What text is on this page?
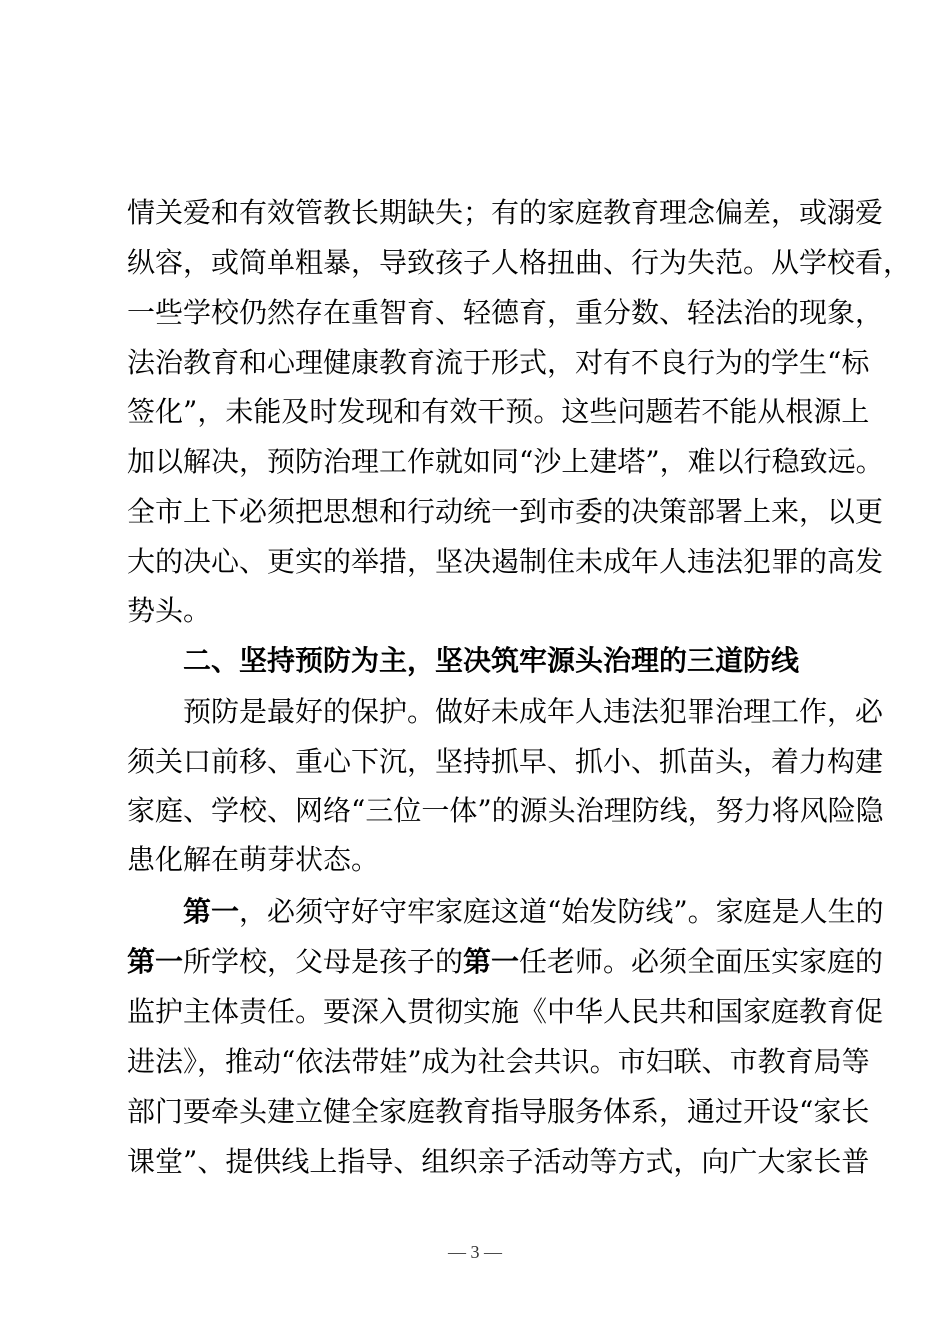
情关爱和有效管教长期缺失；有的家庭教育理念偏差，或溺爱
纵容，或简单粗暴，导致孩子人格扭曲、行为失范。从学校看，
一些学校仍然存在重智育、轻德育，重分数、轻法治的现象，
法治教育和心理健康教育流于形式，对有不良行为的学生“标
签化”，未能及时发现和有效干预。这些问题若不能从根源上
加以解决，预防治理工作就如同“沙上建塔”，难以行稳致远。
全市上下必须把思想和行动统一到市委的决策部署上来，以更
大的决心、更实的举措，坚决遏制住未成年人违法犯罪的高发
势头。
二、坚持预防为主，坚决筑牢源头治理的三道防线
预防是最好的保护。做好未成年人违法犯罪治理工作，必
须关口前移、重心下沉，坚持抓早、抓小、抓苗头，着力构建
家庭、学校、网络“三位一体”的源头治理防线，努力将风险隐
患化解在萌芽状态。
第一，必须守好守牢家庭这道“始发防线”。家庭是人生的
第一所学校，父母是孩子的第一任老师。必须全面压实家庭的
监护主体责任。要深入贯彻实施《中华人民共和国家庭教育促
进法》，推动“依法带娃”成为社会共识。市妇联、市教育局等
部门要牵头建立健全家庭教育指导服务体系，通过开设“家长
课堂”、提供线上指导、组织亲子活动等方式，向广大家长普
— 3 —
